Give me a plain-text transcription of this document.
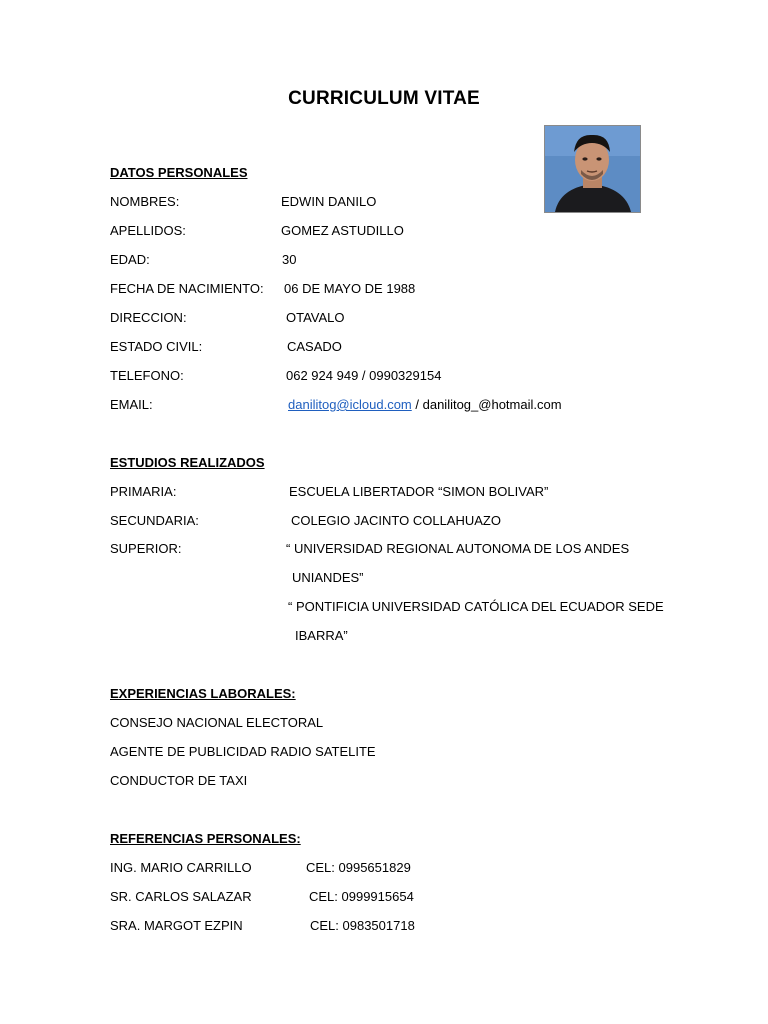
CURRICULUM VITAE
DATOS PERSONALES
NOMBRES:	EDWIN DANILO
APELLIDOS:	GOMEZ ASTUDILLO
EDAD:	30
FECHA DE NACIMIENTO: 06 DE MAYO DE 1988
DIRECCION:	OTAVALO
ESTADO CIVIL:	CASADO
TELEFONO:	062 924 949 / 0990329154
EMAIL:	danilitog@icloud.com / danilitog_@hotmail.com
ESTUDIOS REALIZADOS
PRIMARIA:	ESCUELA LIBERTADOR “SIMON BOLIVAR”
SECUNDARIA:	COLEGIO JACINTO COLLAHUAZO
SUPERIOR:	“ UNIVERSIDAD REGIONAL AUTONOMA DE LOS ANDES
UNIANDES”
“ PONTIFICIA UNIVERSIDAD CATÓLICA DEL ECUADOR SEDE
IBARRA”
EXPERIENCIAS LABORALES:
CONSEJO NACIONAL ELECTORAL
AGENTE DE PUBLICIDAD RADIO SATELITE
CONDUCTOR DE TAXI
REFERENCIAS PERSONALES:
ING. MARIO CARRILLO	CEL: 0995651829
SR. CARLOS SALAZAR	CEL: 0999915654
SRA. MARGOT EZPIN	CEL: 0983501718
